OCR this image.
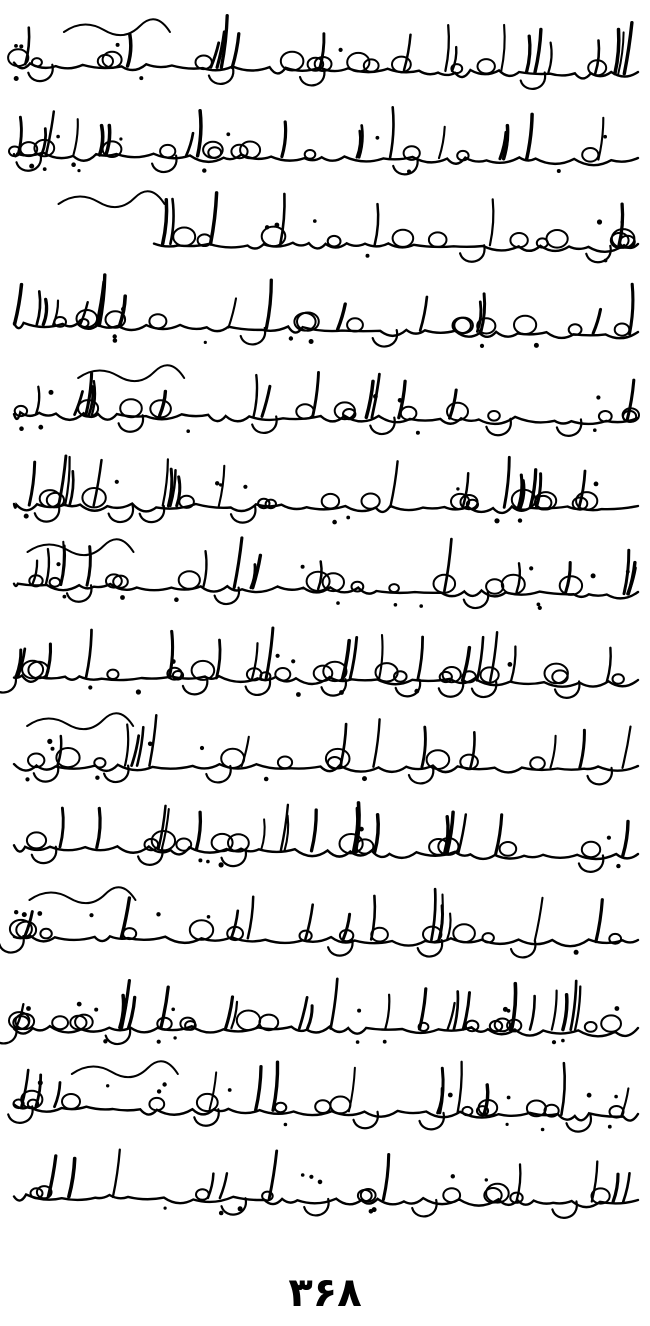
۳۶۸
